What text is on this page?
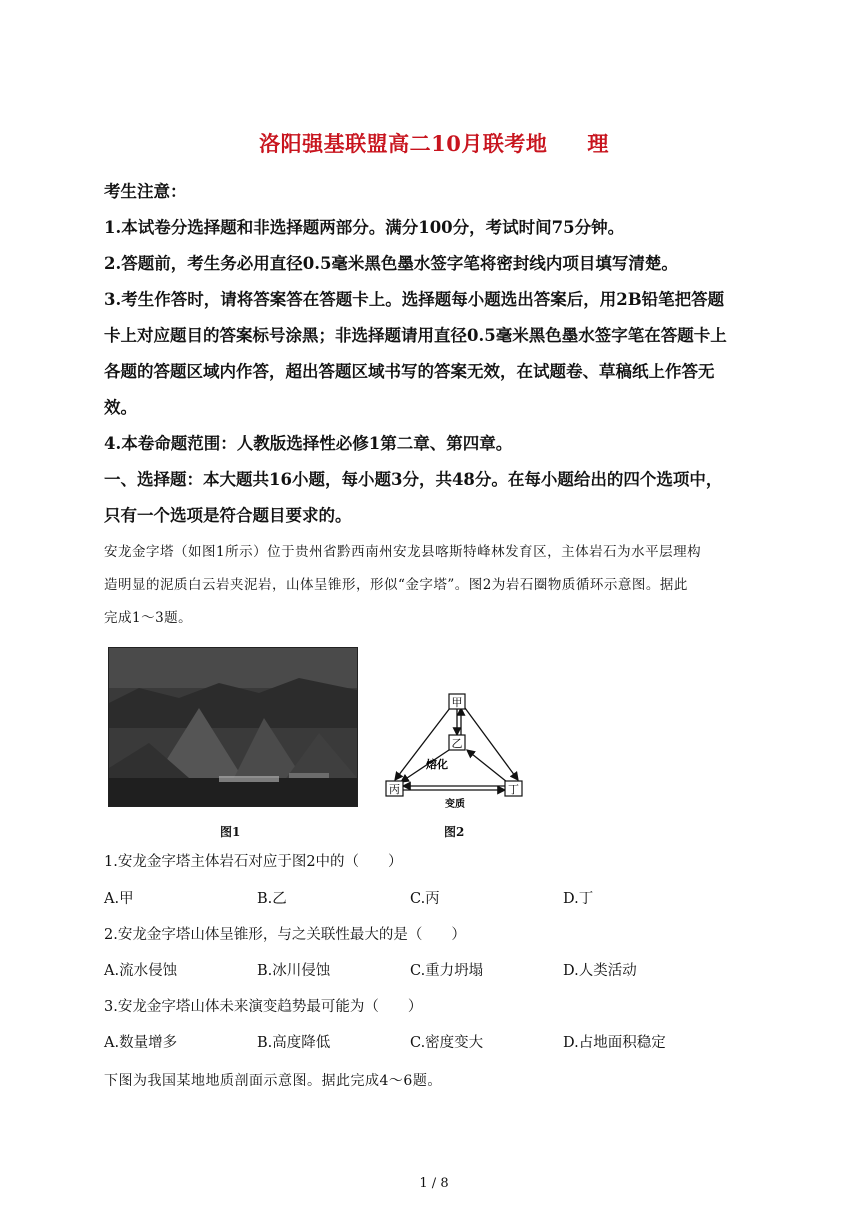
洛阳强基联盟高二10月联考地 理
考生注意：
1.本试卷分选择题和非选择题两部分。满分100分，考试时间75分钟。
2.答题前，考生务必用直径0.5毫米黑色墨水签字笔将密封线内项目填写清楚。
3.考生作答时，请将答案答在答题卡上。选择题每小题选出答案后，用2B铅笔把答题
卡上对应题目的答案标号涂黑；非选择题请用直径0.5毫米黑色墨水签字笔在答题卡上
各题的答题区域内作答，超出答题区域书写的答案无效，在试题卷、草稿纸上作答无
效。
4.本卷命题范围：人教版选择性必修1第二章、第四章。
一、选择题：本大题共16小题，每小题3分，共48分。在每小题给出的四个选项中，
只有一个选项是符合题目要求的。
安龙金字塔（如图1所示）位于贵州省黔西南州安龙县喀斯特峰林发育区，主体岩石为水平层理构
造明显的泥质白云岩夹泥岩，山体呈锥形，形似“金字塔”。图2为岩石圈物质循环示意图。据此
完成1～3题。
图1
甲
乙
丙	丁
熔化
变质
图2
1.安龙金字塔主体岩石对应于图2中的（　　）
A.甲	B.乙	C.丙	D.丁
2.安龙金字塔山体呈锥形，与之关联性最大的是（　　）
A.流水侵蚀	B.冰川侵蚀	C.重力坍塌	D.人类活动
3.安龙金字塔山体未来演变趋势最可能为（　　）
A.数量增多	B.高度降低	C.密度变大	D.占地面积稳定
下图为我国某地地质剖面示意图。据此完成4～6题。
1 / 8
